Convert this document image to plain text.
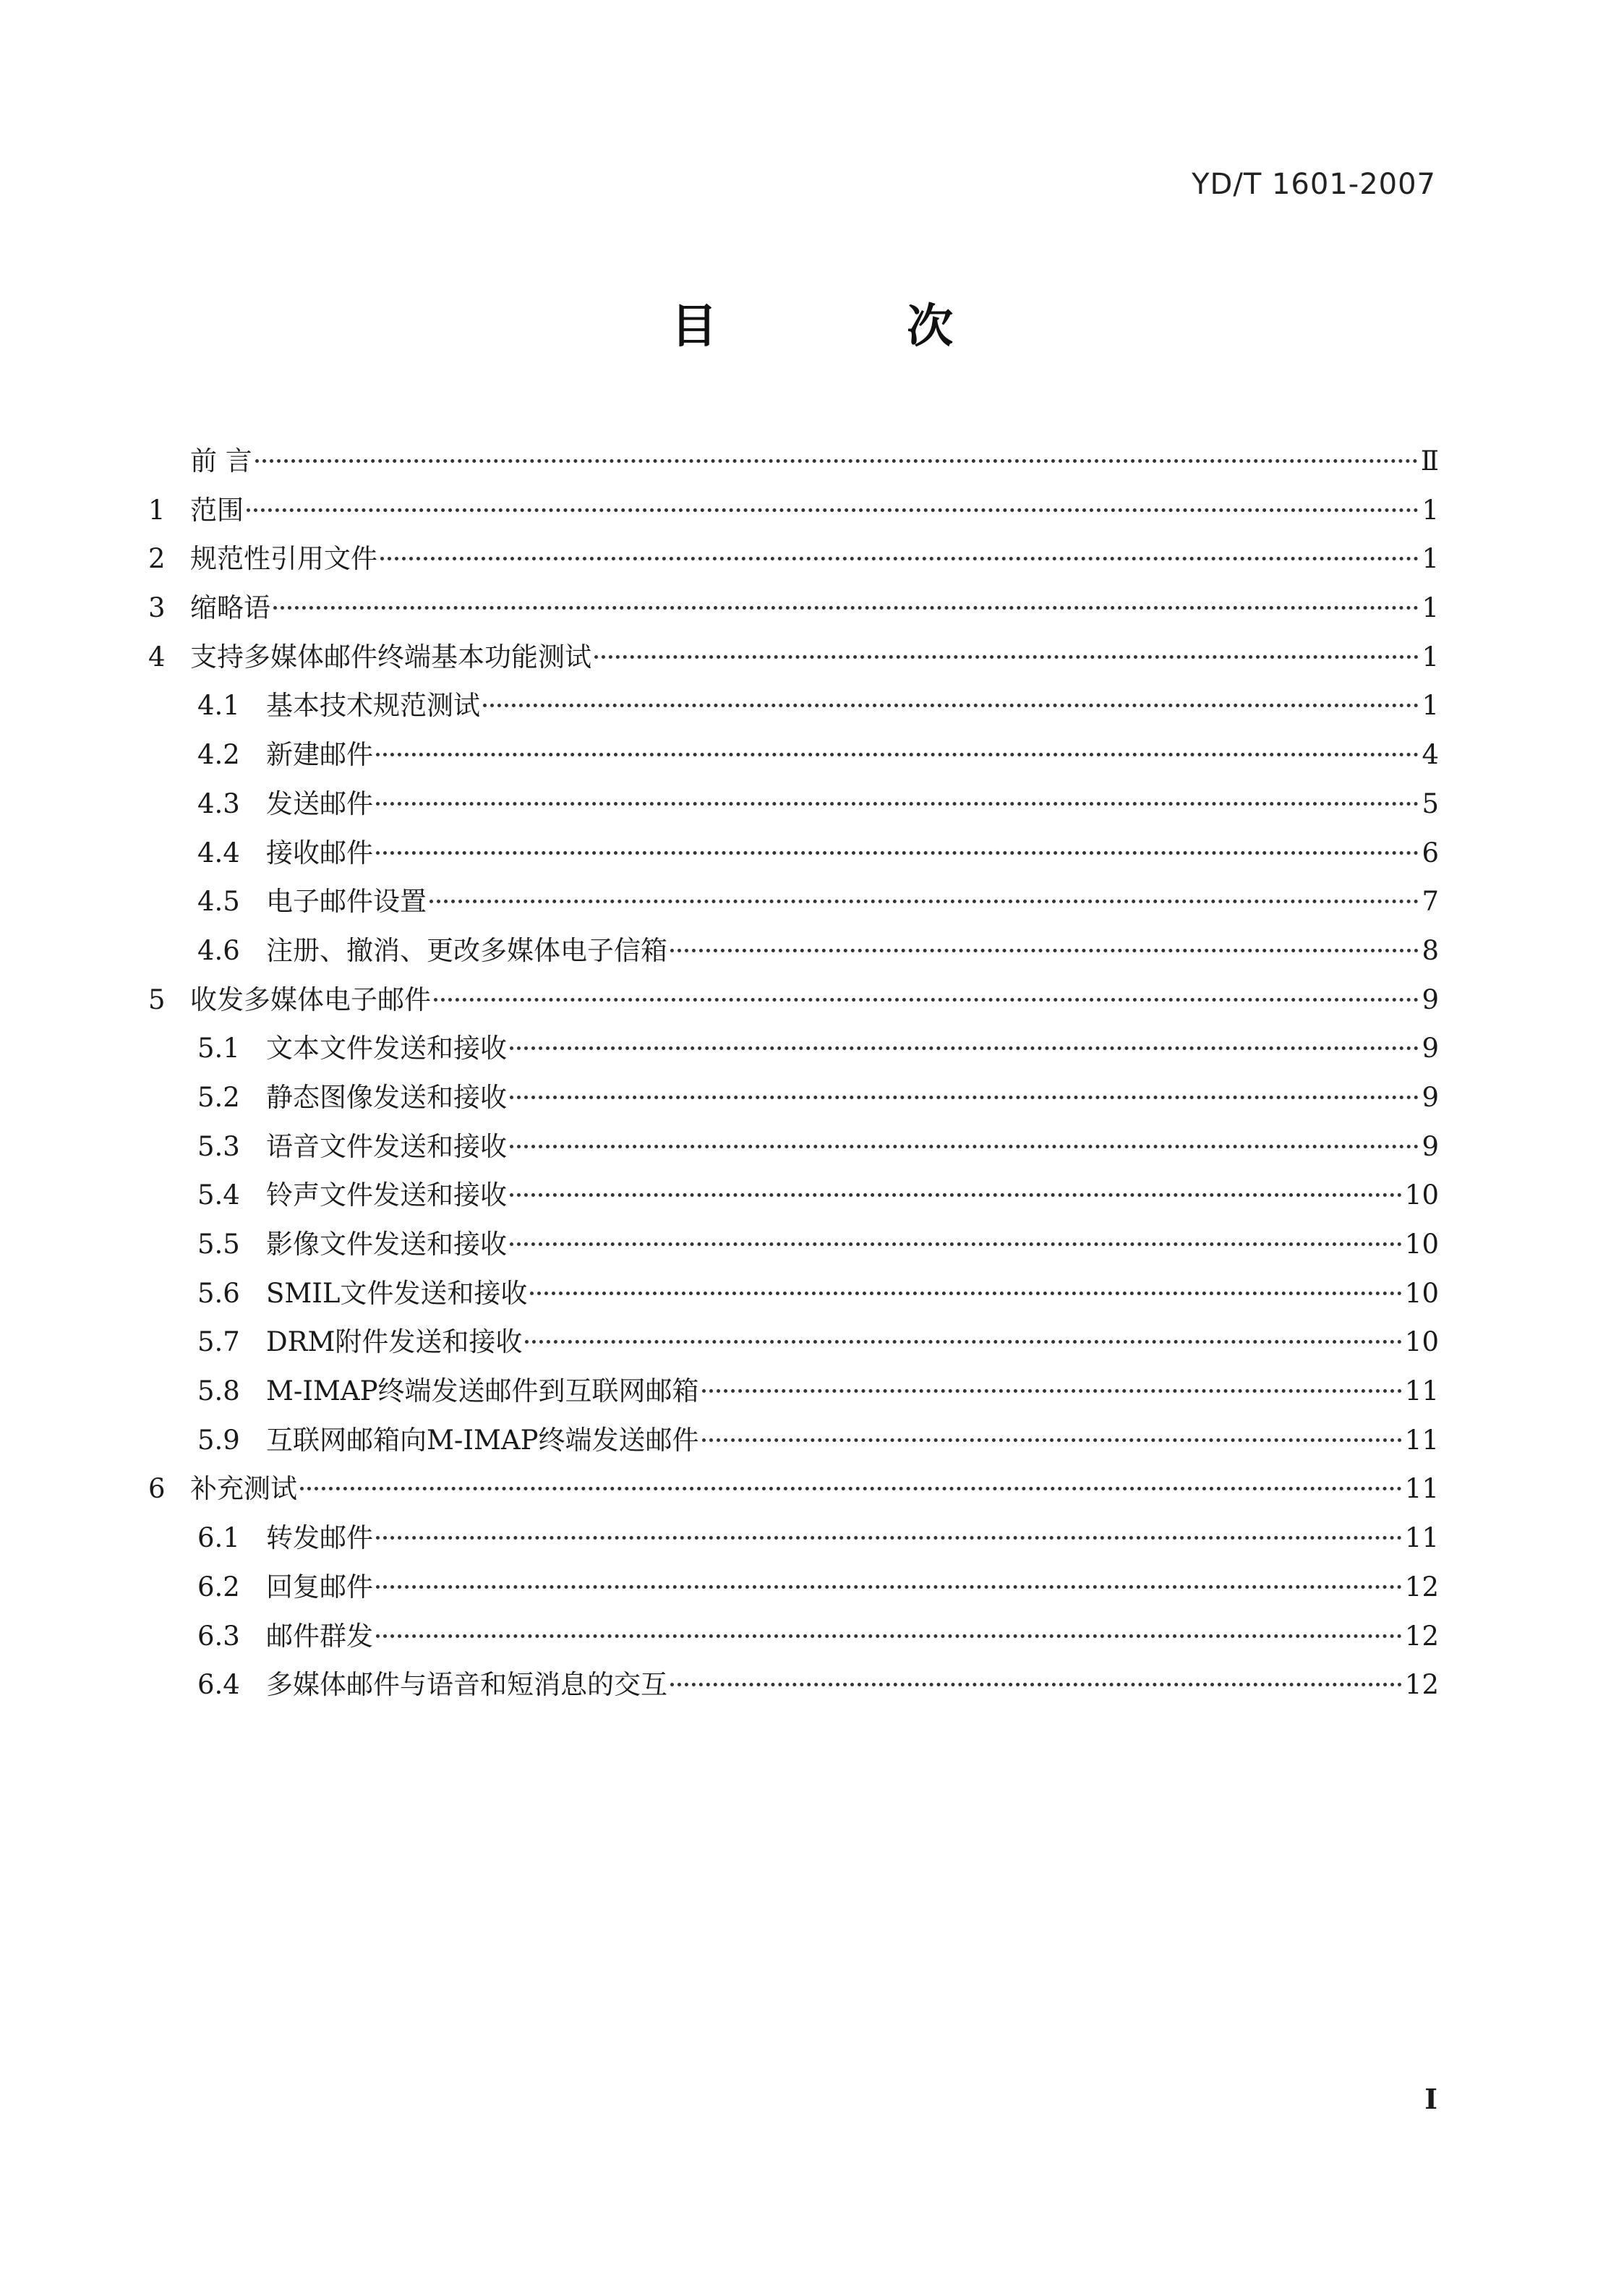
YD/T 1601-2007
目 次
前 言	Ⅱ
1 范围	1
2 规范性引用文件	1
3 缩略语	1
4 支持多媒体邮件终端基本功能测试	1
4.1 基本技术规范测试	1
4.2 新建邮件	4
4.3 发送邮件	5
4.4 接收邮件	6
4.5 电子邮件设置	7
4.6 注册、撤消、更改多媒体电子信箱	8
5 收发多媒体电子邮件	9
5.1 文本文件发送和接收	9
5.2 静态图像发送和接收	9
5.3 语音文件发送和接收	9
5.4 铃声文件发送和接收	10
5.5 影像文件发送和接收	10
5.6 SMIL文件发送和接收	10
5.7 DRM附件发送和接收	10
5.8 M-IMAP终端发送邮件到互联网邮箱	11
5.9 互联网邮箱向M-IMAP终端发送邮件	11
6 补充测试	11
6.1 转发邮件	11
6.2 回复邮件	12
6.3 邮件群发	12
6.4 多媒体邮件与语音和短消息的交互	12
I
